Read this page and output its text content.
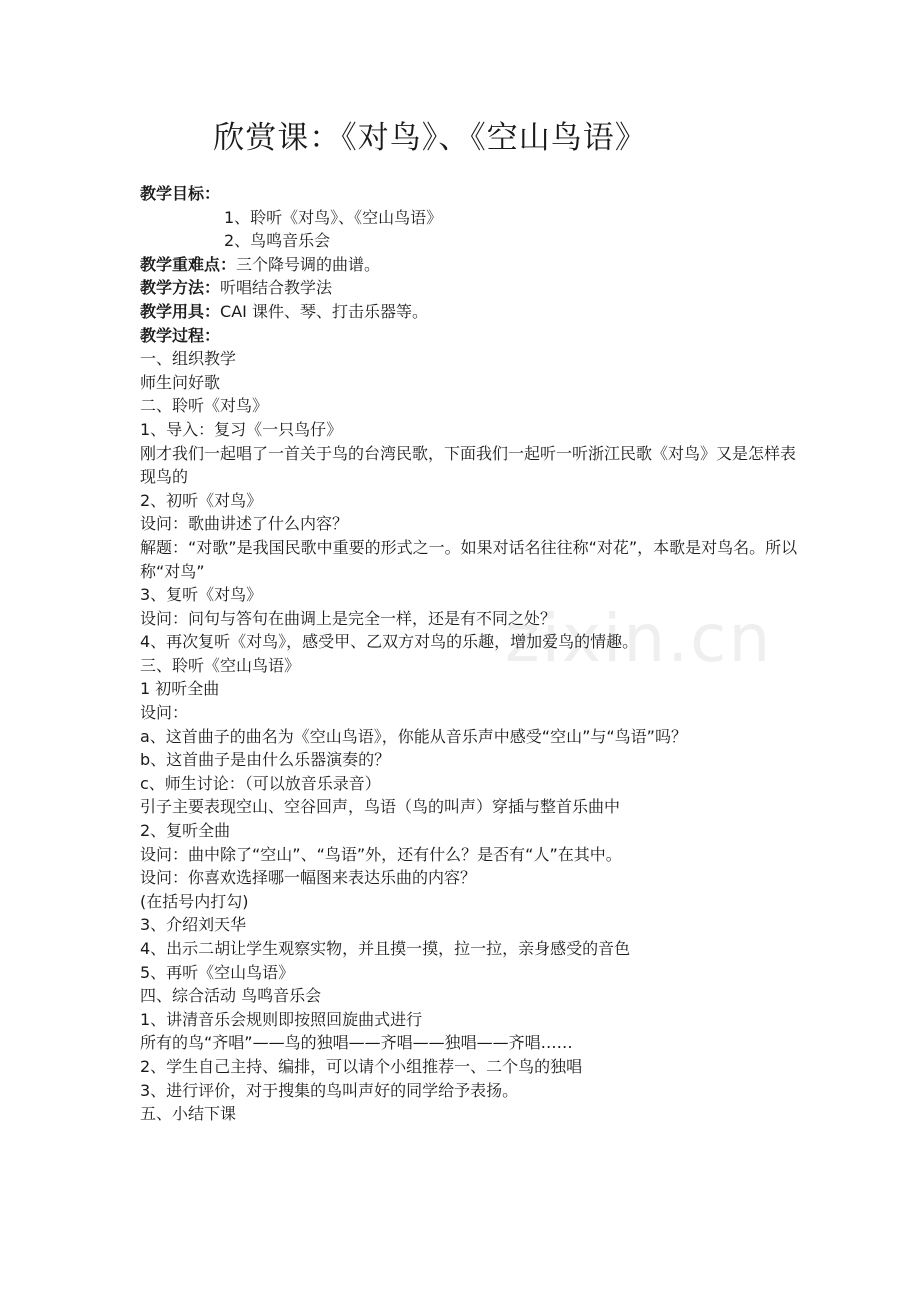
zixin.cn
欣赏课：《对鸟》、《空山鸟语》
教学目标：
1、聆听《对鸟》、《空山鸟语》
2、鸟鸣音乐会
教学重难点：三个降号调的曲谱。
教学方法：听唱结合教学法
教学用具：CAI 课件、琴、打击乐器等。
教学过程：
一、组织教学
师生问好歌
二、聆听《对鸟》
1、导入：复习《一只鸟仔》
刚才我们一起唱了一首关于鸟的台湾民歌，下面我们一起听一听浙江民歌《对鸟》又是怎样表现鸟的
2、初听《对鸟》
设问：歌曲讲述了什么内容？
解题：“对歌”是我国民歌中重要的形式之一。如果对话名往往称“对花”，本歌是对鸟名。所以称“对鸟”
3、复听《对鸟》
设问：问句与答句在曲调上是完全一样，还是有不同之处？
4、再次复听《对鸟》，感受甲、乙双方对鸟的乐趣，增加爱鸟的情趣。
三、聆听《空山鸟语》
1 初听全曲
设问：
a、这首曲子的曲名为《空山鸟语》，你能从音乐声中感受“空山”与“鸟语”吗？
b、这首曲子是由什么乐器演奏的？
c、师生讨论：（可以放音乐录音）
引子主要表现空山、空谷回声，鸟语（鸟的叫声）穿插与整首乐曲中
2、复听全曲
设问：曲中除了“空山”、“鸟语”外，还有什么？是否有“人”在其中。
设问：你喜欢选择哪一幅图来表达乐曲的内容？
(在括号内打勾)
3、介绍刘天华
4、出示二胡让学生观察实物，并且摸一摸，拉一拉，亲身感受的音色
5、再听《空山鸟语》
四、综合活动 鸟鸣音乐会
1、讲清音乐会规则即按照回旋曲式进行
所有的鸟“齐唱”——鸟的独唱——齐唱——独唱——齐唱……
2、学生自己主持、编排，可以请个小组推荐一、二个鸟的独唱
3、进行评价，对于搜集的鸟叫声好的同学给予表扬。
五、小结下课
